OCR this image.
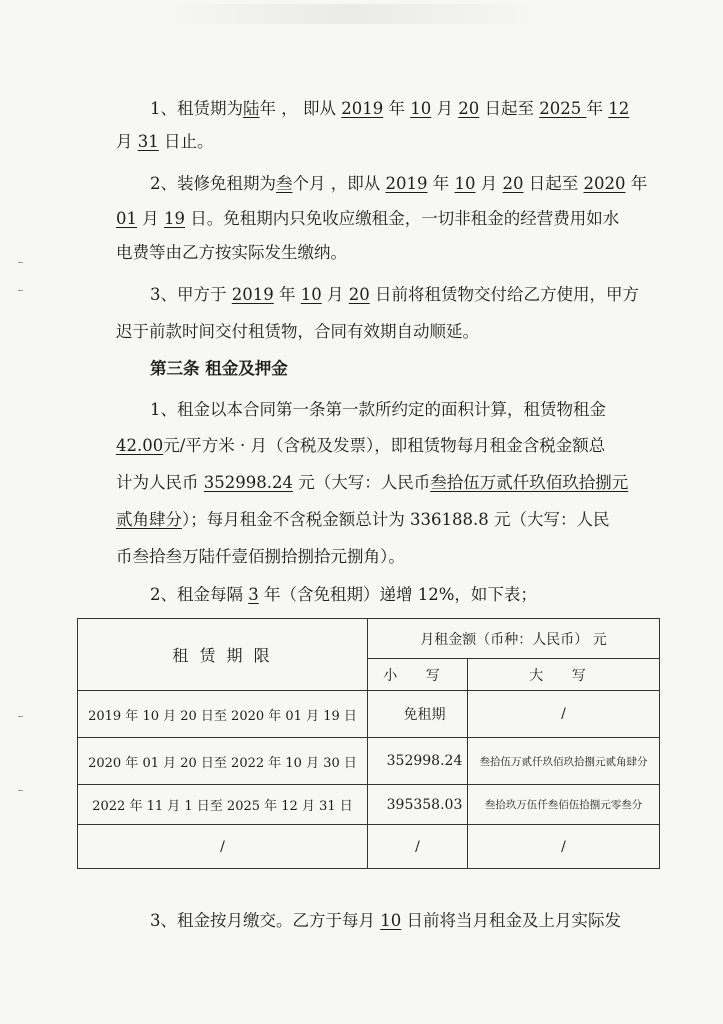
1、租赁期为陆年 ， 即从 2019 年 10 月 20 日起至 2025 年 12
月 31 日止。
2、装修免租期为叁个月 ，即从 2019 年 10 月 20 日起至 2020 年
01 月 19 日。免租期内只免收应缴租金，一切非租金的经营费用如水
电费等由乙方按实际发生缴纳。
3、甲方于 2019 年 10 月 20 日前将租赁物交付给乙方使用，甲方
迟于前款时间交付租赁物，合同有效期自动顺延。
第三条 租金及押金
1、租金以本合同第一条第一款所约定的面积计算，租赁物租金
42.00元/平方米 · 月（含税及发票），即租赁物每月租金含税金额总
计为人民币 352998.24 元（大写：人民币叁拾伍万贰仟玖佰玖拾捌元
贰角肆分）；每月租金不含税金额总计为 336188.8 元（大写：人民
币叁拾叁万陆仟壹佰捌拾捌拾元捌角）。
2、租金每隔 3 年（含免租期）递增 12%，如下表；
租 赁 期 限	月租金额（币种：人民币） 元	
	小 写	大 写
2019 年 10 月 20 日至 2020 年 01 月 19 日	免租期	/
2020 年 01 月 20 日至 2022 年 10 月 30 日	352998.24	叁拾伍万贰仟玖佰玖拾捌元贰角肆分
2022 年 11 月 1 日至 2025 年 12 月 31 日	395358.03	叁拾玖万伍仟叁佰伍拾捌元零叁分
/	/	/
3、租金按月缴交。乙方于每月 10 日前将当月租金及上月实际发
